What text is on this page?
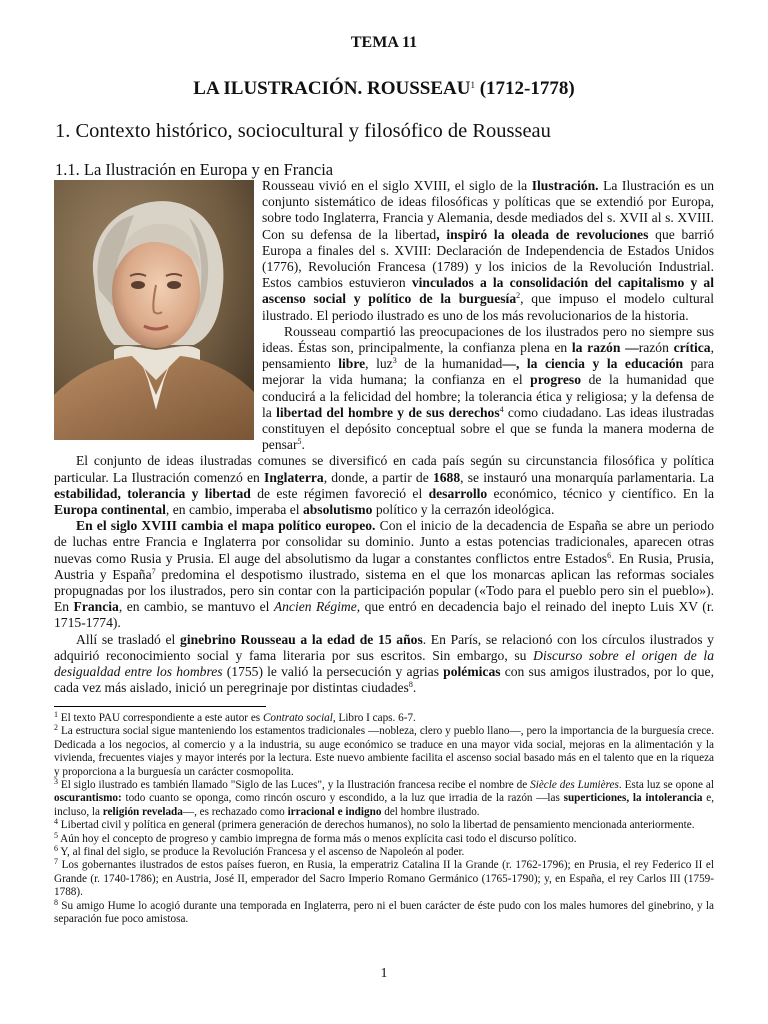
TEMA 11
LA ILUSTRACIÓN. ROUSSEAU$^1$ (1712-1778)
1. Contexto histórico, sociocultural y filosófico de Rousseau
1.1. La Ilustración en Europa y en Francia

Rousseau vivió en el siglo XVIII, el siglo de la Ilustración. La Ilustración es un conjunto sistemático de ideas filosóficas y políticas que se extendió por Europa, sobre todo Inglaterra, Francia y Alemania, desde mediados del s. XVII al s. XVIII. Con su defensa de la libertad, inspiró la oleada de revoluciones que barrió Europa a finales del s. XVIII: Declaración de Independencia de Estados Unidos (1776), Revolución Francesa (1789) y los inicios de la Revolución Industrial. Estos cambios estuvieron vinculados a la consolidación del capitalismo y al ascenso social y político de la burguesía$^2$, que impuso el modelo cultural ilustrado. El periodo ilustrado es uno de los más revolucionarios de la historia.

Rousseau compartió las preocupaciones de los ilustrados pero no siempre sus ideas. Éstas son, principalmente, la confianza plena en la razón —razón crítica, pensamiento libre, luz$^3$ de la humanidad—, la ciencia y la educación para mejorar la vida humana; la confianza en el progreso de la humanidad que conducirá a la felicidad del hombre; la tolerancia ética y religiosa; y la defensa de la libertad del hombre y de sus derechos$^4$ como ciudadano. Las ideas ilustradas constituyen el depósito conceptual sobre el que se funda la manera moderna de pensar$^5$.

El conjunto de ideas ilustradas comunes se diversificó en cada país según su circunstancia filosófica y política particular. La Ilustración comenzó en Inglaterra, donde, a partir de 1688, se instauró una monarquía parlamentaria. La estabilidad, tolerancia y libertad de este régimen favoreció el desarrollo económico, técnico y científico. En la Europa continental, en cambio, imperaba el absolutismo político y la cerrazón ideológica.

En el siglo XVIII cambia el mapa político europeo. Con el inicio de la decadencia de España se abre un periodo de luchas entre Francia e Inglaterra por consolidar su dominio. Junto a estas potencias tradicionales, aparecen otras nuevas como Rusia y Prusia. El auge del absolutismo da lugar a constantes conflictos entre Estados$^6$. En Rusia, Prusia, Austria y España$^7$ predomina el despotismo ilustrado, sistema en el que los monarcas aplican las reformas sociales propugnadas por los ilustrados, pero sin contar con la participación popular («Todo para el pueblo pero sin el pueblo»). En Francia, en cambio, se mantuvo el Ancien Régime, que entró en decadencia bajo el reinado del inepto Luis XV (r. 1715-1774).

Allí se trasladó el ginebrino Rousseau a la edad de 15 años. En París, se relacionó con los círculos ilustrados y adquirió reconocimiento social y fama literaria por sus escritos. Sin embargo, su Discurso sobre el origen de la desigualdad entre los hombres (1755) le valió la persecución y agrias polémicas con sus amigos ilustrados, por lo que, cada vez más aislado, inició un peregrinaje por distintas ciudades$^8$.

$^1$ El texto PAU correspondiente a este autor es Contrato social, Libro I caps. 6-7.
$^2$ La estructura social sigue manteniendo los estamentos tradicionales —nobleza, clero y pueblo llano—, pero la importancia de la burguesía crece. Dedicada a los negocios, al comercio y a la industria, su auge económico se traduce en una mayor vida social, mejoras en la alimentación y la vivienda, frecuentes viajes y mayor interés por la lectura. Este nuevo ambiente facilita el ascenso social basado más en el talento que en la riqueza y proporciona a la burguesía un carácter cosmopolita.
$^3$ El siglo ilustrado es también llamado "Siglo de las Luces", y la Ilustración francesa recibe el nombre de Siècle des Lumières. Esta luz se opone al oscurantismo: todo cuanto se oponga, como rincón oscuro y escondido, a la luz que irradia de la razón —las superticiones, la intolerancia e, incluso, la religión revelada—, es rechazado como irracional e indigno del hombre ilustrado.
$^4$ Libertad civil y política en general (primera generación de derechos humanos), no solo la libertad de pensamiento mencionada anteriormente.
$^5$ Aún hoy el concepto de progreso y cambio impregna de forma más o menos explícita casi todo el discurso político.
$^6$ Y, al final del siglo, se produce la Revolución Francesa y el ascenso de Napoleón al poder.
$^7$ Los gobernantes ilustrados de estos países fueron, en Rusia, la emperatriz Catalina II la Grande (r. 1762-1796); en Prusia, el rey Federico II el Grande (r. 1740-1786); en Austria, José II, emperador del Sacro Imperio Romano Germánico (1765-1790); y, en España, el rey Carlos III (1759-1788).
$^8$ Su amigo Hume lo acogió durante una temporada en Inglaterra, pero ni el buen carácter de éste pudo con los males humores del ginebrino, y la separación fue poco amistosa.
1
